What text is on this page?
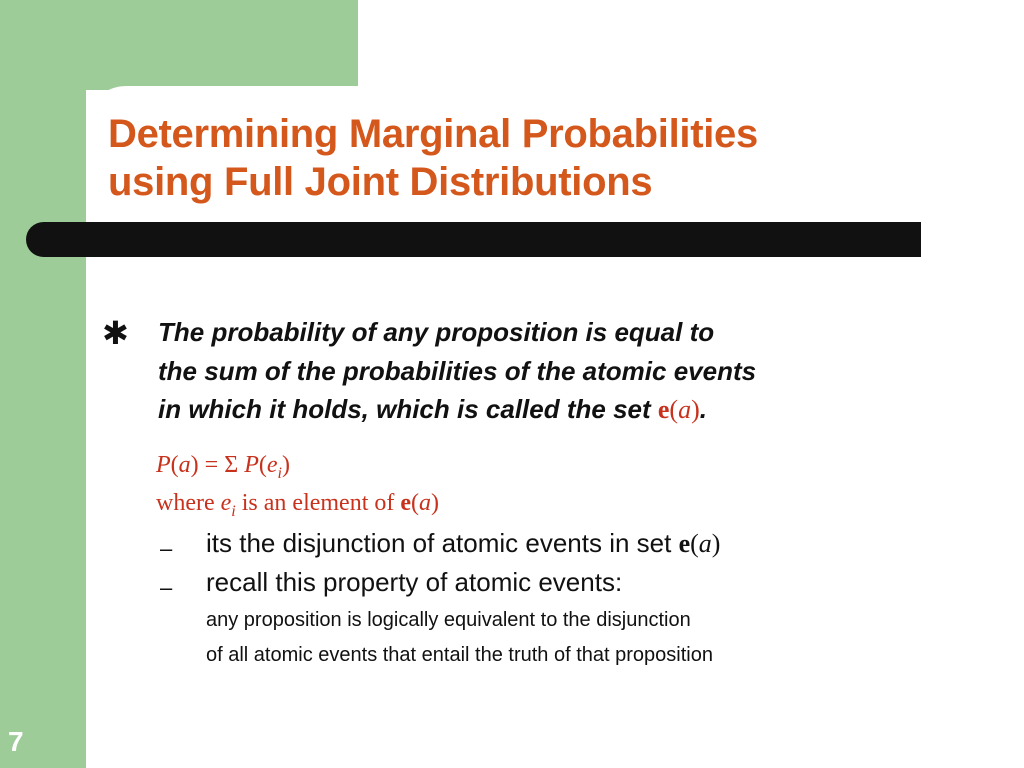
Determining Marginal Probabilities
using Full Joint Distributions
✱ The probability of any proposition is equal to
the sum of the probabilities of the atomic events
in which it holds, which is called the set e(a).
P(a) = Σ $P(e_i)$
where $e_i$ is an element of e(a)
– its the disjunction of atomic events in set e(a)
– recall this property of atomic events:
any proposition is logically equivalent to the disjunction
of all atomic events that entail the truth of that proposition
7
